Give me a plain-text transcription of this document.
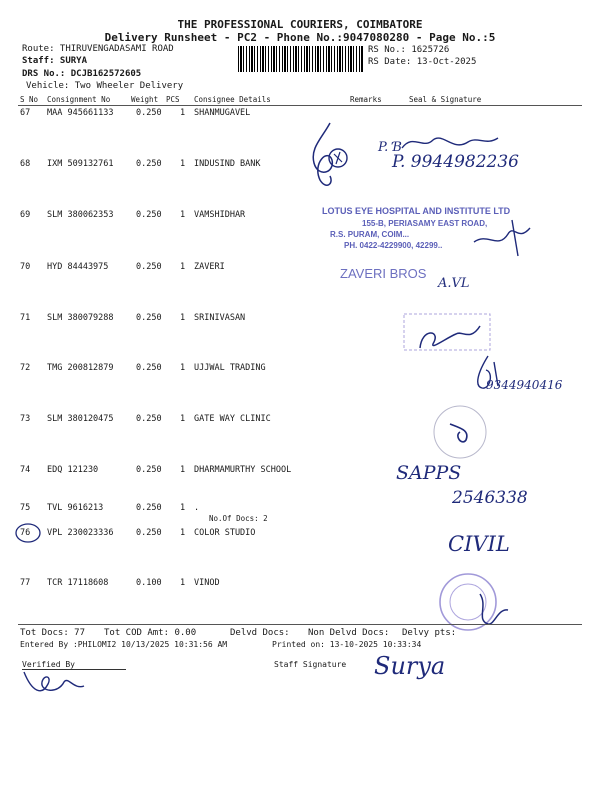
THE PROFESSIONAL COURIERS, COIMBATORE
Delivery Runsheet - PC2 - Phone No.:9047080280 - Page No.:5
Route: THIRUVENGADASAMI ROAD
Staff: SURYA
DRS No.: DCJB162572605
Vehicle: Two Wheeler Delivery
RS No.: 1625726
RS Date: 13-Oct-2025
S No Consignment No	Weight PCS Consignee Details	Remarks	Seal & Signature
67 MAA 945661133	0.250 1 SHANMUGAVEL
68 IXM 509132761	0.250 1 INDUSIND BANK
69 SLM 380062353	0.250 1 VAMSHIDHAR
70 HYD 84443975	0.250 1 ZAVERI
71 SLM 380079288	0.250 1 SRINIVASAN
72 TMG 200812879	0.250 1 UJJWAL TRADING
73 SLM 380120475	0.250 1 GATE WAY CLINIC
74 EDQ 121230	0.250 1 DHARMAMURTHY SCHOOL
75 TVL 9616213	0.250 1 .
No.Of Docs: 2
76 VPL 230023336	0.250 1 COLOR STUDIO
77 TCR 17118608	0.100 1 VINOD
P. Ɓ
P. 9944982236
LOTUS EYE HOSPITAL AND INSTITUTE LTD
155-B, PERIASAMY EAST ROAD,
R.S. PURAM, COIM...
PH. 0422-4229900, 42299..
ZAVERI BROS
A.VL
9344940416
SAPPS
2546338
CIVIL
Tot Docs: 77 Tot COD Amt: 0.00	Delvd Docs: Non Delvd Docs: Delvy pts:
Entered By :PHILOMI2 10/13/2025 10:31:56 AM	Printed on: 13-10-2025 10:33:34
Verified By	Staff Signature Surya
